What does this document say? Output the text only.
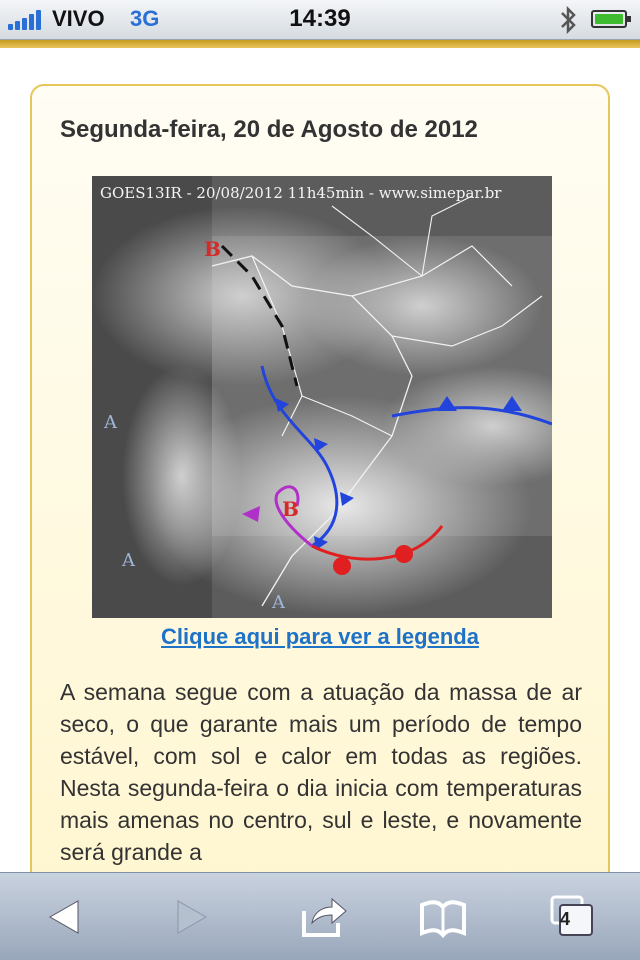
VIVO 3G	14:39
Segunda-feira, 20 de Agosto de 2012
GOES13IR - 20/08/2012 11h45min - www.simepar.br
B
B
A
A
A
Clique aqui para ver a legenda
A semana segue com a atuação da massa de ar seco, o que garante mais um período de tempo estável, com sol e calor em todas as regiões. Nesta segunda-feira o dia inicia com temperaturas mais amenas no centro, sul e leste, e novamente será grande a
4
